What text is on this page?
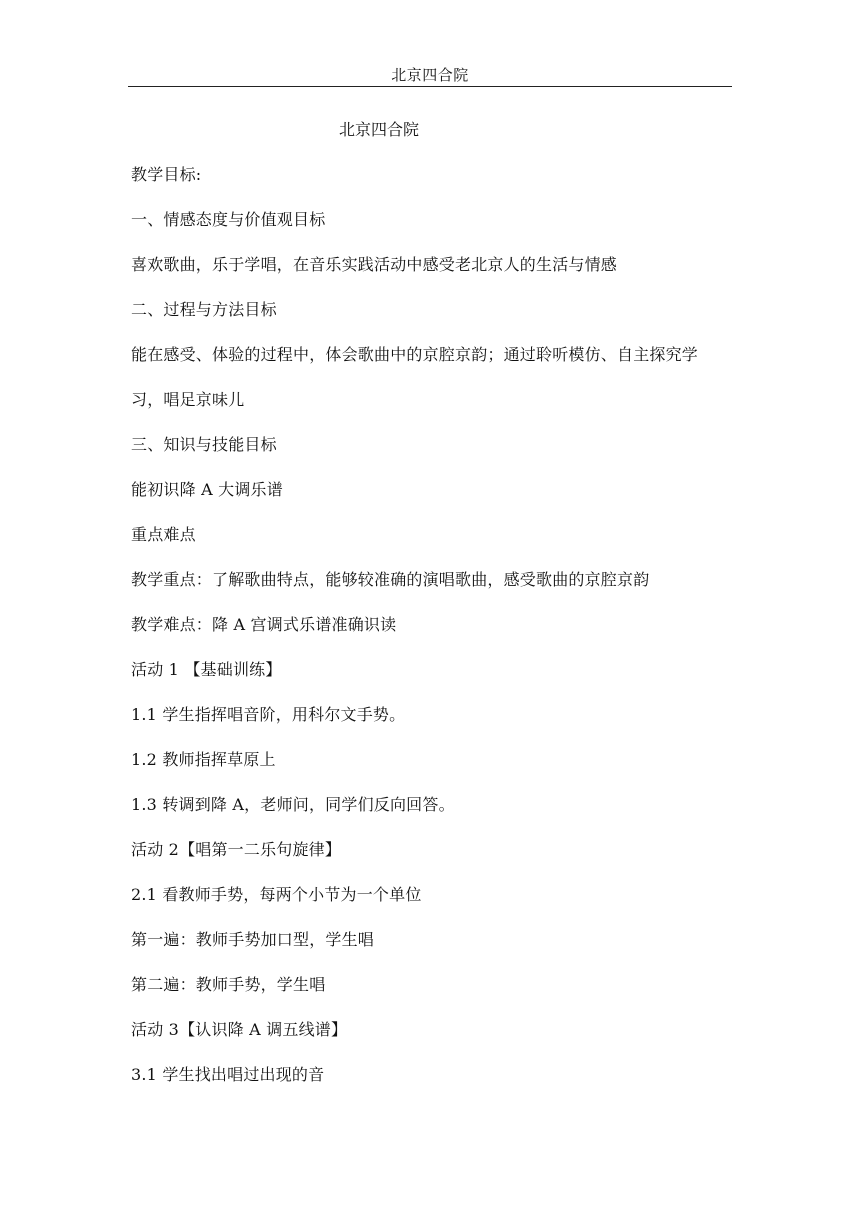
北京四合院
北京四合院
教学目标:
一、情感态度与价值观目标
喜欢歌曲，乐于学唱，在音乐实践活动中感受老北京人的生活与情感
二、过程与方法目标
能在感受、体验的过程中，体会歌曲中的京腔京韵；通过聆听模仿、自主探究学
习，唱足京味儿
三、知识与技能目标
能初识降 A 大调乐谱
重点难点
教学重点：了解歌曲特点，能够较准确的演唱歌曲，感受歌曲的京腔京韵
教学难点：降 A 宫调式乐谱准确识读
活动 1 【基础训练】
1.1 学生指挥唱音阶，用科尔文手势。
1.2 教师指挥草原上
1.3 转调到降 A，老师问，同学们反向回答。
活动 2【唱第一二乐句旋律】
2.1 看教师手势，每两个小节为一个单位
第一遍：教师手势加口型，学生唱
第二遍：教师手势，学生唱
活动 3【认识降 A 调五线谱】
3.1 学生找出唱过出现的音
